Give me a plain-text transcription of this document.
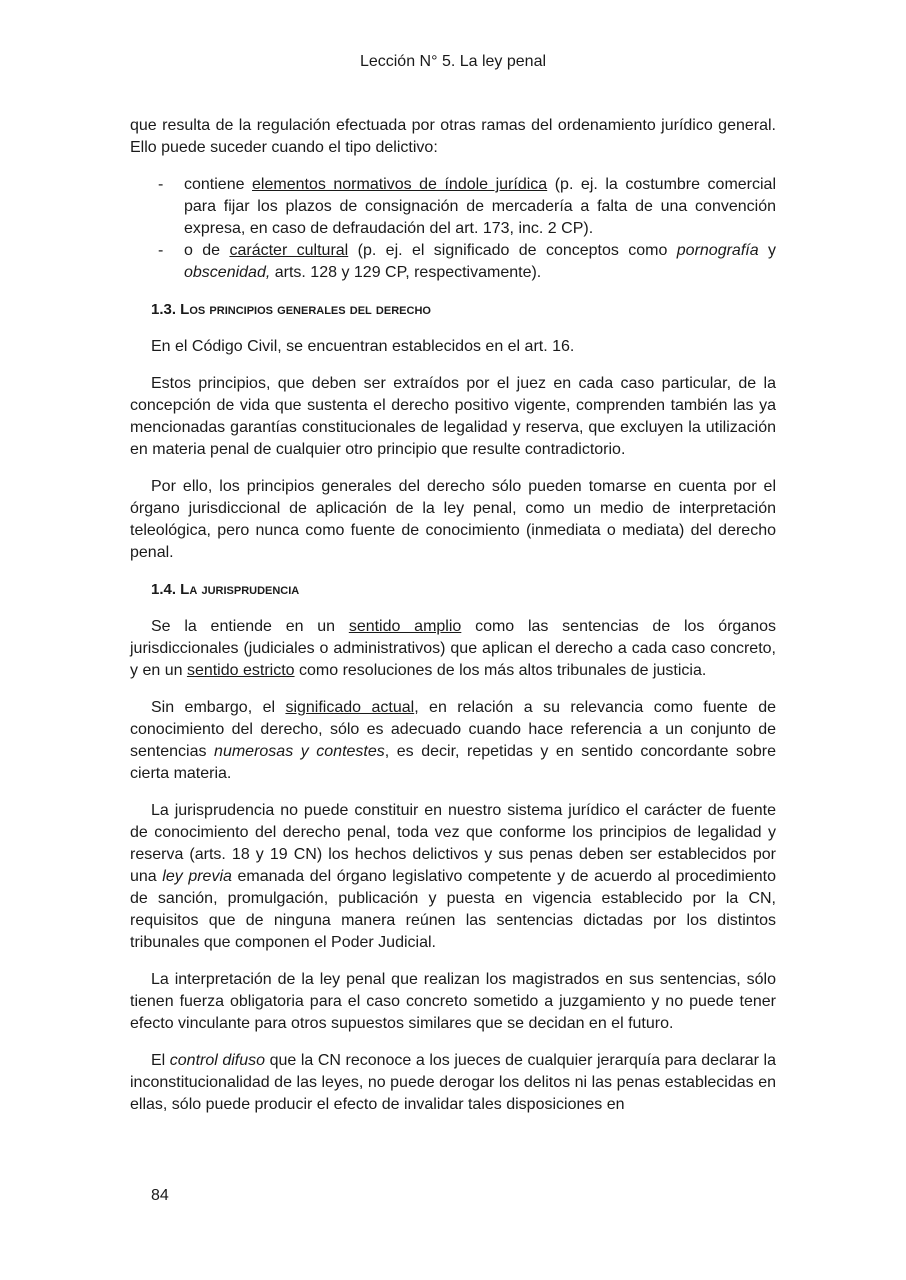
Lección N° 5. La ley penal

que resulta de la regulación efectuada por otras ramas del ordenamiento jurídico general. Ello puede suceder cuando el tipo delictivo:

- contiene elementos normativos de índole jurídica (p. ej. la costumbre comercial para fijar los plazos de consignación de mercadería a falta de una convención expresa, en caso de defraudación del art. 173, inc. 2 CP).
- o de carácter cultural (p. ej. el significado de conceptos como pornografía y obscenidad, arts. 128 y 129 CP, respectivamente).
1.3. Los principios generales del derecho

En el Código Civil, se encuentran establecidos en el art. 16.

Estos principios, que deben ser extraídos por el juez en cada caso particular, de la concepción de vida que sustenta el derecho positivo vigente, comprenden también las ya mencionadas garantías constitucionales de legalidad y reserva, que excluyen la utilización en materia penal de cualquier otro principio que resulte contradictorio.

Por ello, los principios generales del derecho sólo pueden tomarse en cuenta por el órgano jurisdiccional de aplicación de la ley penal, como un medio de interpretación teleológica, pero nunca como fuente de conocimiento (inmediata o mediata) del derecho penal.

1.4. La jurisprudencia

Se la entiende en un sentido amplio como las sentencias de los órganos jurisdiccionales (judiciales o administrativos) que aplican el derecho a cada caso concreto, y en un sentido estricto como resoluciones de los más altos tribunales de justicia.

Sin embargo, el significado actual, en relación a su relevancia como fuente de conocimiento del derecho, sólo es adecuado cuando hace referencia a un conjunto de sentencias numerosas y contestes, es decir, repetidas y en sentido concordante sobre cierta materia.

La jurisprudencia no puede constituir en nuestro sistema jurídico el carácter de fuente de conocimiento del derecho penal, toda vez que conforme los principios de legalidad y reserva (arts. 18 y 19 CN) los hechos delictivos y sus penas deben ser establecidos por una ley previa emanada del órgano legislativo competente y de acuerdo al procedimiento de sanción, promulgación, publicación y puesta en vigencia establecido por la CN, requisitos que de ninguna manera reúnen las sentencias dictadas por los distintos tribunales que componen el Poder Judicial.

La interpretación de la ley penal que realizan los magistrados en sus sentencias, sólo tienen fuerza obligatoria para el caso concreto sometido a juzgamiento y no puede tener efecto vinculante para otros supuestos similares que se decidan en el futuro.

El control difuso que la CN reconoce a los jueces de cualquier jerarquía para declarar la inconstitucionalidad de las leyes, no puede derogar los delitos ni las penas establecidas en ellas, sólo puede producir el efecto de invalidar tales disposiciones en

84
